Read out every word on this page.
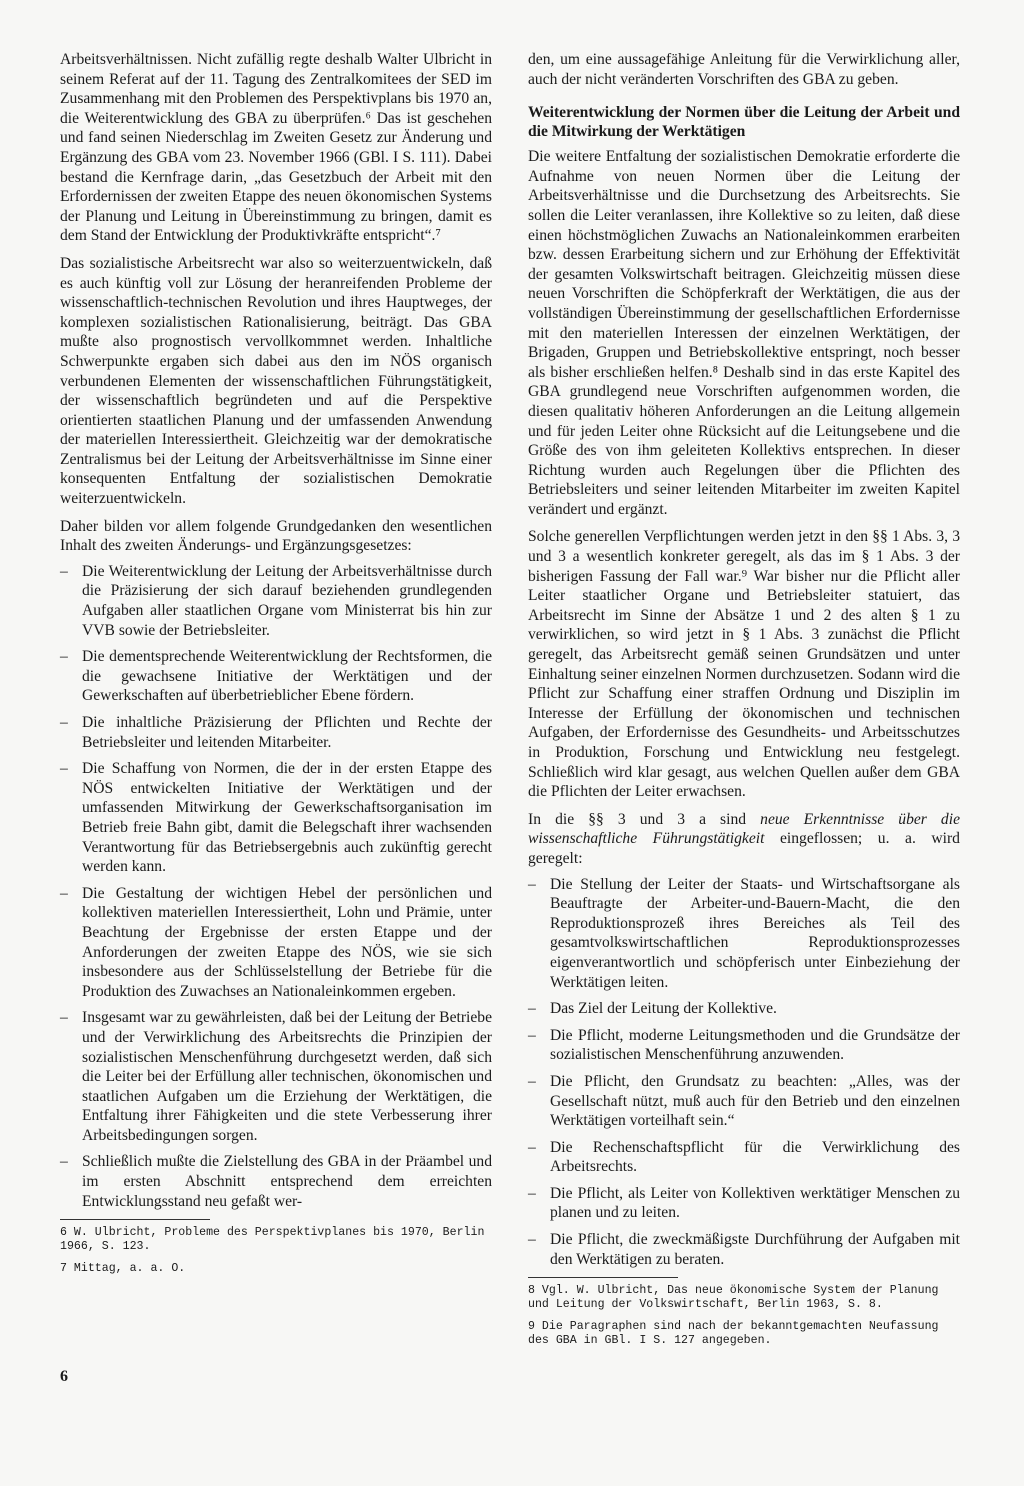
Arbeitsverhältnissen. Nicht zufällig regte deshalb Walter Ulbricht in seinem Referat auf der 11. Tagung des Zentralkomitees der SED im Zusammenhang mit den Problemen des Perspektivplans bis 1970 an, die Weiterentwicklung des GBA zu überprüfen.⁶ Das ist geschehen und fand seinen Niederschlag im Zweiten Gesetz zur Änderung und Ergänzung des GBA vom 23. November 1966 (GBl. I S. 111). Dabei bestand die Kernfrage darin, „das Gesetzbuch der Arbeit mit den Erfordernissen der zweiten Etappe des neuen ökonomischen Systems der Planung und Leitung in Übereinstimmung zu bringen, damit es dem Stand der Entwicklung der Produktivkräfte entspricht“.⁷

Das sozialistische Arbeitsrecht war also so weiterzuentwickeln, daß es auch künftig voll zur Lösung der heranreifenden Probleme der wissenschaftlich-technischen Revolution und ihres Hauptweges, der komplexen sozialistischen Rationalisierung, beiträgt. Das GBA mußte also prognostisch vervollkommnet werden. Inhaltliche Schwerpunkte ergaben sich dabei aus den im NÖS organisch verbundenen Elementen der wissenschaftlichen Führungstätigkeit, der wissenschaftlich begründeten und auf die Perspektive orientierten staatlichen Planung und der umfassenden Anwendung der materiellen Interessiertheit. Gleichzeitig war der demokratische Zentralismus bei der Leitung der Arbeitsverhältnisse im Sinne einer konsequenten Entfaltung der sozialistischen Demokratie weiterzuentwickeln.

Daher bilden vor allem folgende Grundgedanken den wesentlichen Inhalt des zweiten Änderungs- und Ergänzungsgesetzes:

– Die Weiterentwicklung der Leitung der Arbeitsverhältnisse durch die Präzisierung der sich darauf beziehenden grundlegenden Aufgaben aller staatlichen Organe vom Ministerrat bis hin zur VVB sowie der Betriebsleiter.
– Die dementsprechende Weiterentwicklung der Rechtsformen, die die gewachsene Initiative der Werktätigen und der Gewerkschaften auf überbetrieblicher Ebene fördern.
– Die inhaltliche Präzisierung der Pflichten und Rechte der Betriebsleiter und leitenden Mitarbeiter.
– Die Schaffung von Normen, die der in der ersten Etappe des NÖS entwickelten Initiative der Werktätigen und der umfassenden Mitwirkung der Gewerkschaftsorganisation im Betrieb freie Bahn gibt, damit die Belegschaft ihrer wachsenden Verantwortung für das Betriebsergebnis auch zukünftig gerecht werden kann.
– Die Gestaltung der wichtigen Hebel der persönlichen und kollektiven materiellen Interessiertheit, Lohn und Prämie, unter Beachtung der Ergebnisse der ersten Etappe und der Anforderungen der zweiten Etappe des NÖS, wie sie sich insbesondere aus der Schlüsselstellung der Betriebe für die Produktion des Zuwachses an Nationaleinkommen ergeben.
– Insgesamt war zu gewährleisten, daß bei der Leitung der Betriebe und der Verwirklichung des Arbeitsrechts die Prinzipien der sozialistischen Menschenführung durchgesetzt werden, daß sich die Leiter bei der Erfüllung aller technischen, ökonomischen und staatlichen Aufgaben um die Erziehung der Werktätigen, die Entfaltung ihrer Fähigkeiten und die stete Verbesserung ihrer Arbeitsbedingungen sorgen.
– Schließlich mußte die Zielstellung des GBA in der Präambel und im ersten Abschnitt entsprechend dem erreichten Entwicklungsstand neu gefaßt wer-

6 W. Ulbricht, Probleme des Perspektivplanes bis 1970, Berlin 1966, S. 123.

7 Mittag, a. a. O.

den, um eine aussagefähige Anleitung für die Verwirklichung aller, auch der nicht veränderten Vorschriften des GBA zu geben.

Weiterentwicklung der Normen über die Leitung der Arbeit und die Mitwirkung der Werktätigen

Die weitere Entfaltung der sozialistischen Demokratie erforderte die Aufnahme von neuen Normen über die Leitung der Arbeitsverhältnisse und die Durchsetzung des Arbeitsrechts. Sie sollen die Leiter veranlassen, ihre Kollektive so zu leiten, daß diese einen höchstmöglichen Zuwachs an Nationaleinkommen erarbeiten bzw. dessen Erarbeitung sichern und zur Erhöhung der Effektivität der gesamten Volkswirtschaft beitragen. Gleichzeitig müssen diese neuen Vorschriften die Schöpferkraft der Werktätigen, die aus der vollständigen Übereinstimmung der gesellschaftlichen Erfordernisse mit den materiellen Interessen der einzelnen Werktätigen, der Brigaden, Gruppen und Betriebskollektive entspringt, noch besser als bisher erschließen helfen.⁸ Deshalb sind in das erste Kapitel des GBA grundlegend neue Vorschriften aufgenommen worden, die diesen qualitativ höheren Anforderungen an die Leitung allgemein und für jeden Leiter ohne Rücksicht auf die Leitungsebene und die Größe des von ihm geleiteten Kollektivs entsprechen. In dieser Richtung wurden auch Regelungen über die Pflichten des Betriebsleiters und seiner leitenden Mitarbeiter im zweiten Kapitel verändert und ergänzt.

Solche generellen Verpflichtungen werden jetzt in den §§ 1 Abs. 3, 3 und 3 a wesentlich konkreter geregelt, als das im § 1 Abs. 3 der bisherigen Fassung der Fall war.⁹ War bisher nur die Pflicht aller Leiter staatlicher Organe und Betriebsleiter statuiert, das Arbeitsrecht im Sinne der Absätze 1 und 2 des alten § 1 zu verwirklichen, so wird jetzt in § 1 Abs. 3 zunächst die Pflicht geregelt, das Arbeitsrecht gemäß seinen Grundsätzen und unter Einhaltung seiner einzelnen Normen durchzusetzen. Sodann wird die Pflicht zur Schaffung einer straffen Ordnung und Disziplin im Interesse der Erfüllung der ökonomischen und technischen Aufgaben, der Erfordernisse des Gesundheits- und Arbeitsschutzes in Produktion, Forschung und Entwicklung neu festgelegt. Schließlich wird klar gesagt, aus welchen Quellen außer dem GBA die Pflichten der Leiter erwachsen.

In die §§ 3 und 3 a sind neue Erkenntnisse über die wissenschaftliche Führungstätigkeit eingeflossen; u. a. wird geregelt:

– Die Stellung der Leiter der Staats- und Wirtschaftsorgane als Beauftragte der Arbeiter-und-Bauern-Macht, die den Reproduktionsprozeß ihres Bereiches als Teil des gesamtvolkswirtschaftlichen Reproduktionsprozesses eigenverantwortlich und schöpferisch unter Einbeziehung der Werktätigen leiten.
– Das Ziel der Leitung der Kollektive.
– Die Pflicht, moderne Leitungsmethoden und die Grundsätze der sozialistischen Menschenführung anzuwenden.
– Die Pflicht, den Grundsatz zu beachten: „Alles, was der Gesellschaft nützt, muß auch für den Betrieb und den einzelnen Werktätigen vorteilhaft sein.“
– Die Rechenschaftspflicht für die Verwirklichung des Arbeitsrechts.
– Die Pflicht, als Leiter von Kollektiven werktätiger Menschen zu planen und zu leiten.
– Die Pflicht, die zweckmäßigste Durchführung der Aufgaben mit den Werktätigen zu beraten.

8 Vgl. W. Ulbricht, Das neue ökonomische System der Planung und Leitung der Volkswirtschaft, Berlin 1963, S. 8.

9 Die Paragraphen sind nach der bekanntgemachten Neufassung des GBA in GBl. I S. 127 angegeben.

6
